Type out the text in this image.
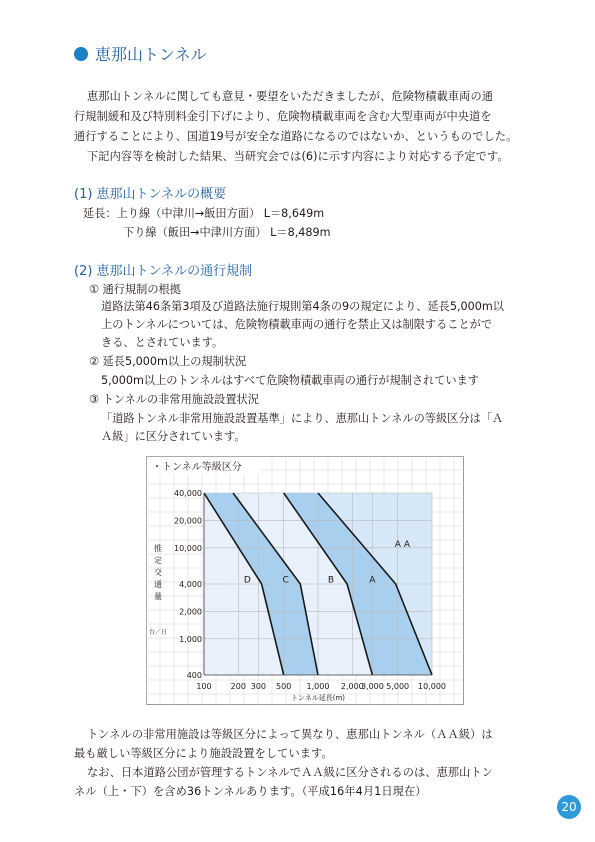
恵那山トンネル
恵那山トンネルに関しても意見・要望をいただきましたが、危険物積載車両の通
行規制緩和及び特別料金引下げにより、危険物積載車両を含む大型車両が中央道を
通行することにより、国道19号が安全な道路になるのではないか、というものでした。
下記内容等を検討した結果、当研究会では(6)に示す内容により対応する予定です。
(1) 恵那山トンネルの概要
延長：上り線（中津川→飯田方面） L＝8,649m
下り線（飯田→中津川方面） L＝8,489m
(2) 恵那山トンネルの通行規制
① 通行規制の根拠
道路法第46条第3項及び道路法施行規則第4条の9の規定により、延長5,000m以
上のトンネルについては、危険物積載車両の通行を禁止又は制限することがで
きる、とされています。
② 延長5,000m以上の規制状況
5,000m以上のトンネルはすべて危険物積載車両の通行が規制されています
③ トンネルの非常用施設設置状況
「道路トンネル非常用施設設置基準」により、恵那山トンネルの等級区分は「Ａ
Ａ級」に区分されています。
・トンネル等級区分
100 200 300 500 1,000 2,000
3,000 5,000 10,000
40,000
20,000
10,000
4,000
2,000
1,000
400
トンネル延長(m)
推
定
交
通
量
台／日
D	C	B	A
A A
トンネルの非常用施設は等級区分によって異なり、恵那山トンネル（ＡＡ級）は
最も厳しい等級区分により施設設置をしています。
なお、日本道路公団が管理するトンネルでＡＡ級に区分されるのは、恵那山トン
ネル（上・下）を含め36トンネルあります。（平成16年4月1日現在）
20
